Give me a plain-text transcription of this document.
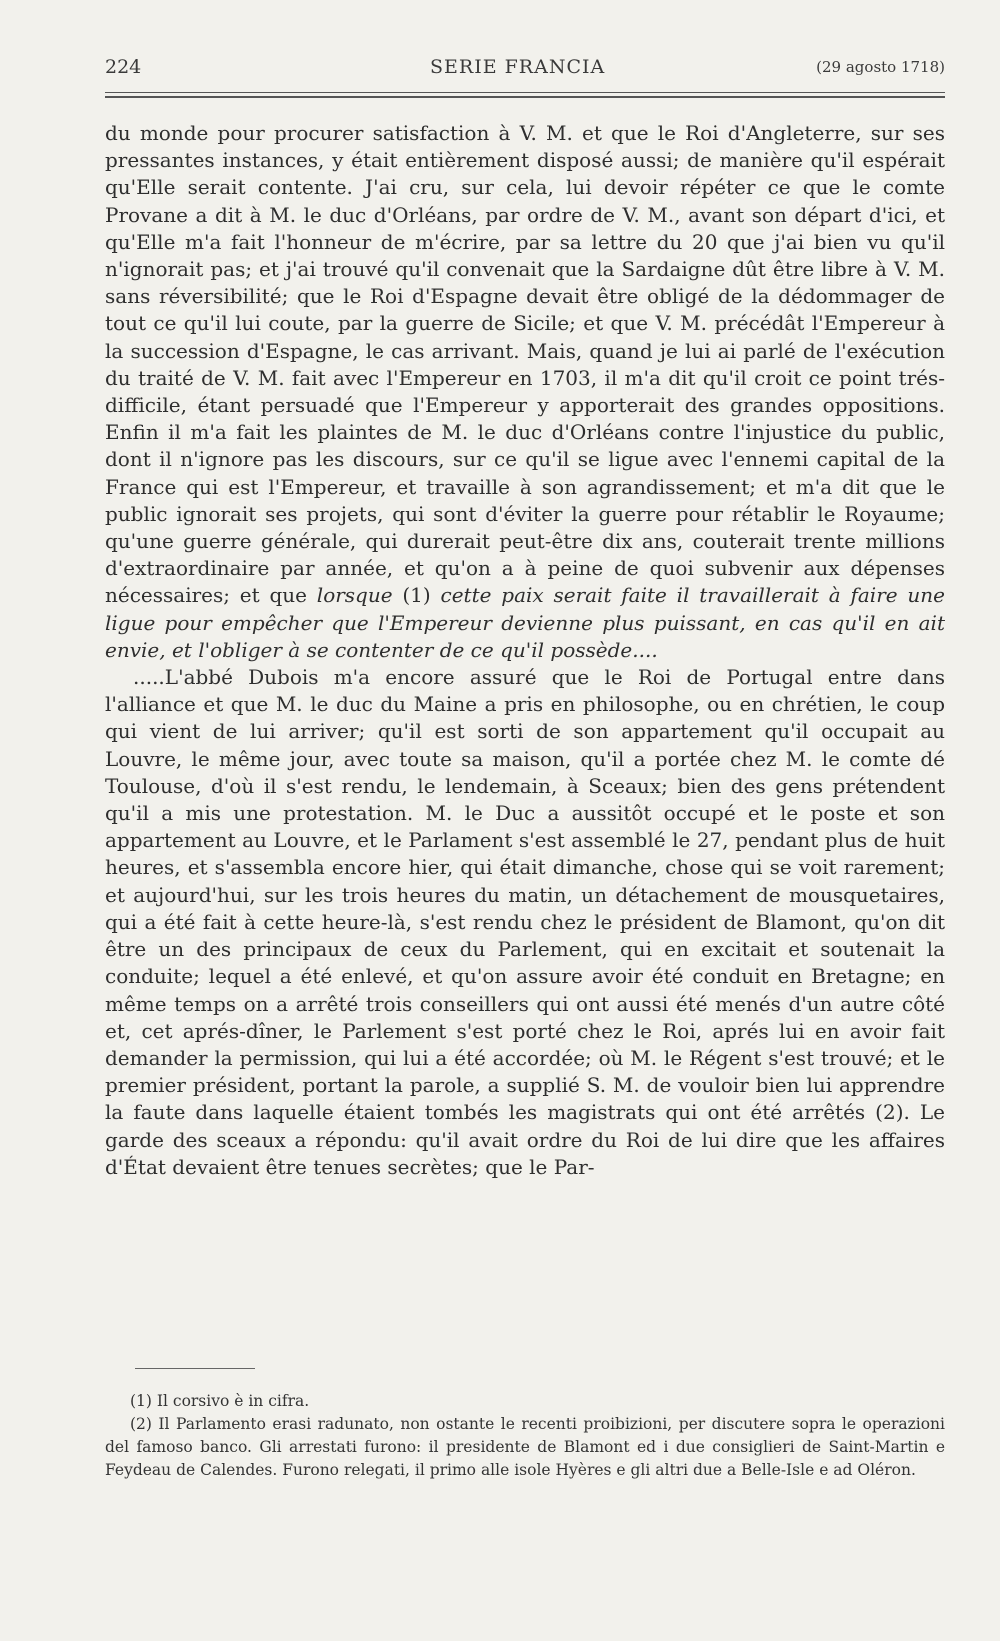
224	SERIE FRANCIA	(29 agosto 1718)

du monde pour procurer satisfaction à V. M. et que le Roi d'Angleterre, sur ses pressantes instances, y était entièrement disposé aussi; de manière qu'il espérait qu'Elle serait contente. J'ai cru, sur cela, lui devoir répéter ce que le comte Provane a dit à M. le duc d'Orléans, par ordre de V. M., avant son départ d'ici, et qu'Elle m'a fait l'honneur de m'écrire, par sa lettre du 20 que j'ai bien vu qu'il n'ignorait pas; et j'ai trouvé qu'il convenait que la Sardaigne dût être libre à V. M. sans réversibilité; que le Roi d'Espagne devait être obligé de la dédommager de tout ce qu'il lui coute, par la guerre de Sicile; et que V. M. précédât l'Empereur à la succession d'Espagne, le cas arrivant. Mais, quand je lui ai parlé de l'exécution du traité de V. M. fait avec l'Empereur en 1703, il m'a dit qu'il croit ce point trés-difficile, étant persuadé que l'Empereur y apporterait des grandes oppositions. Enfin il m'a fait les plaintes de M. le duc d'Orléans contre l'injustice du public, dont il n'ignore pas les discours, sur ce qu'il se ligue avec l'ennemi capital de la France qui est l'Empereur, et travaille à son agrandissement; et m'a dit que le public ignorait ses projets, qui sont d'éviter la guerre pour rétablir le Royaume; qu'une guerre générale, qui durerait peut-être dix ans, couterait trente millions d'extraordinaire par année, et qu'on a à peine de quoi subvenir aux dépenses nécessaires; et que lorsque (1) cette paix serait faite il travaillerait à faire une ligue pour empêcher que l'Empereur devienne plus puissant, en cas qu'il en ait envie, et l'obliger à se contenter de ce qu'il possède....

.....L'abbé Dubois m'a encore assuré que le Roi de Portugal entre dans l'alliance et que M. le duc du Maine a pris en philosophe, ou en chrétien, le coup qui vient de lui arriver; qu'il est sorti de son appartement qu'il occupait au Louvre, le même jour, avec toute sa maison, qu'il a portée chez M. le comte dé Toulouse, d'où il s'est rendu, le lendemain, à Sceaux; bien des gens prétendent qu'il a mis une protestation. M. le Duc a aussitôt occupé et le poste et son appartement au Louvre, et le Parlament s'est assemblé le 27, pendant plus de huit heures, et s'assembla encore hier, qui était dimanche, chose qui se voit rarement; et aujourd'hui, sur les trois heures du matin, un détachement de mousquetaires, qui a été fait à cette heure-là, s'est rendu chez le président de Blamont, qu'on dit être un des principaux de ceux du Parlement, qui en excitait et soutenait la conduite; lequel a été enlevé, et qu'on assure avoir été conduit en Bretagne; en même temps on a arrêté trois conseillers qui ont aussi été menés d'un autre côté et, cet aprés-dîner, le Parlement s'est porté chez le Roi, aprés lui en avoir fait demander la permission, qui lui a été accordée; où M. le Régent s'est trouvé; et le premier président, portant la parole, a supplié S. M. de vouloir bien lui apprendre la faute dans laquelle étaient tombés les magistrats qui ont été arrêtés (2). Le garde des sceaux a répondu: qu'il avait ordre du Roi de lui dire que les affaires d'État devaient être tenues secrètes; que le Par-

(1) Il corsivo è in cifra.

(2) Il Parlamento erasi radunato, non ostante le recenti proibizioni, per discutere sopra le operazioni del famoso banco. Gli arrestati furono: il presidente de Blamont ed i due consiglieri de Saint-Martin e Feydeau de Calendes. Furono relegati, il primo alle isole Hyères e gli altri due a Belle-Isle e ad Oléron.
